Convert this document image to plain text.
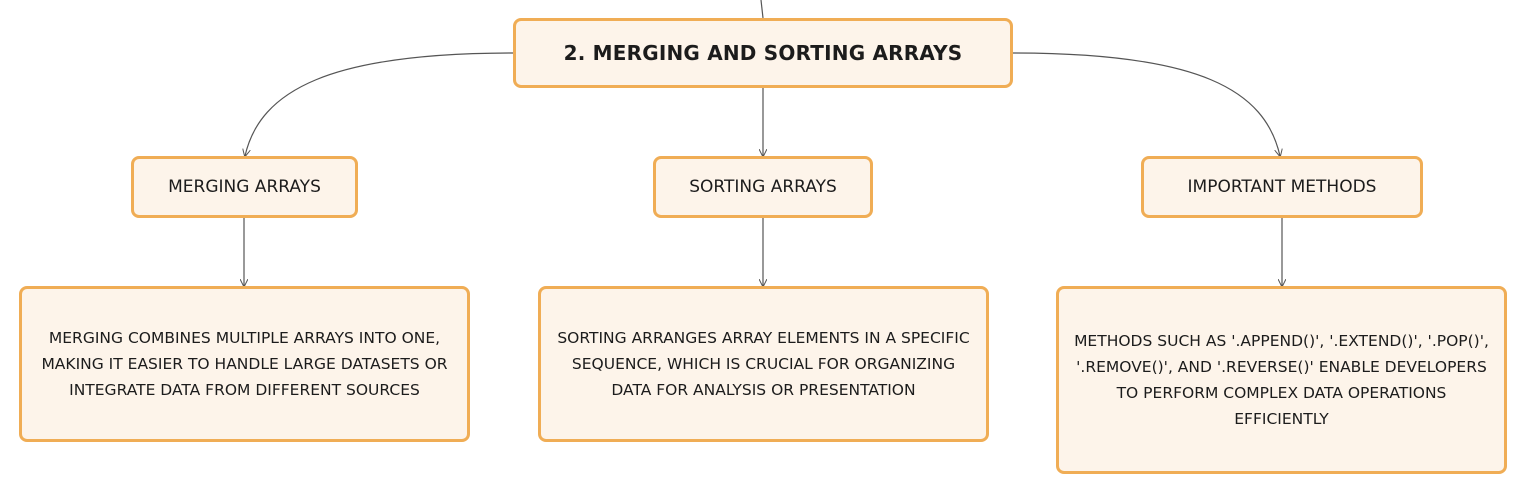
2. MERGING AND SORTING ARRAYS
MERGING ARRAYS	SORTING ARRAYS	IMPORTANT METHODS
MERGING COMBINES MULTIPLE ARRAYS INTO ONE, MAKING IT EASIER TO HANDLE LARGE DATASETS OR INTEGRATE DATA FROM DIFFERENT SOURCES
SORTING ARRANGES ARRAY ELEMENTS IN A SPECIFIC SEQUENCE, WHICH IS CRUCIAL FOR ORGANIZING DATA FOR ANALYSIS OR PRESENTATION
METHODS SUCH AS '.APPEND()', '.EXTEND()', '.POP()', '.REMOVE()', AND '.REVERSE()' ENABLE DEVELOPERS TO PERFORM COMPLEX DATA OPERATIONS EFFICIENTLY
